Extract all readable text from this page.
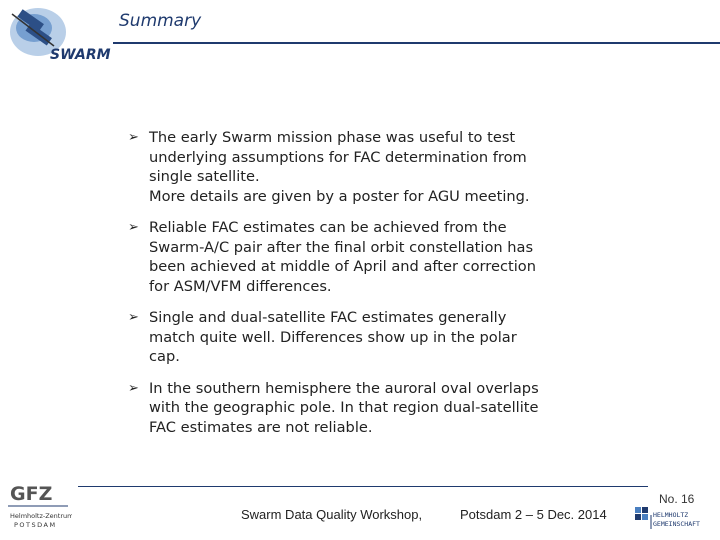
SWARM
Summary
➢ The early Swarm mission phase was useful to test
underlying assumptions for FAC determination from
single satellite.
More details are given by a poster for AGU meeting.
➢ Reliable FAC estimates can be achieved from the
Swarm-A/C pair after the final orbit constellation has
been achieved at middle of April and after correction
for ASM/VFM differences.
➢ Single and dual-satellite FAC estimates generally
match quite well. Differences show up in the polar
cap.
➢ In the southern hemisphere the auroral oval overlaps
with the geographic pole. In that region dual-satellite
FAC estimates are not reliable.
GFZ
Helmholtz-Zentrum
POTSDAM
Swarm Data Quality Workshop,	Potsdam 2 – 5 Dec. 2014
No. 16
HELMHOLTZ
GEMEINSCHAFT
